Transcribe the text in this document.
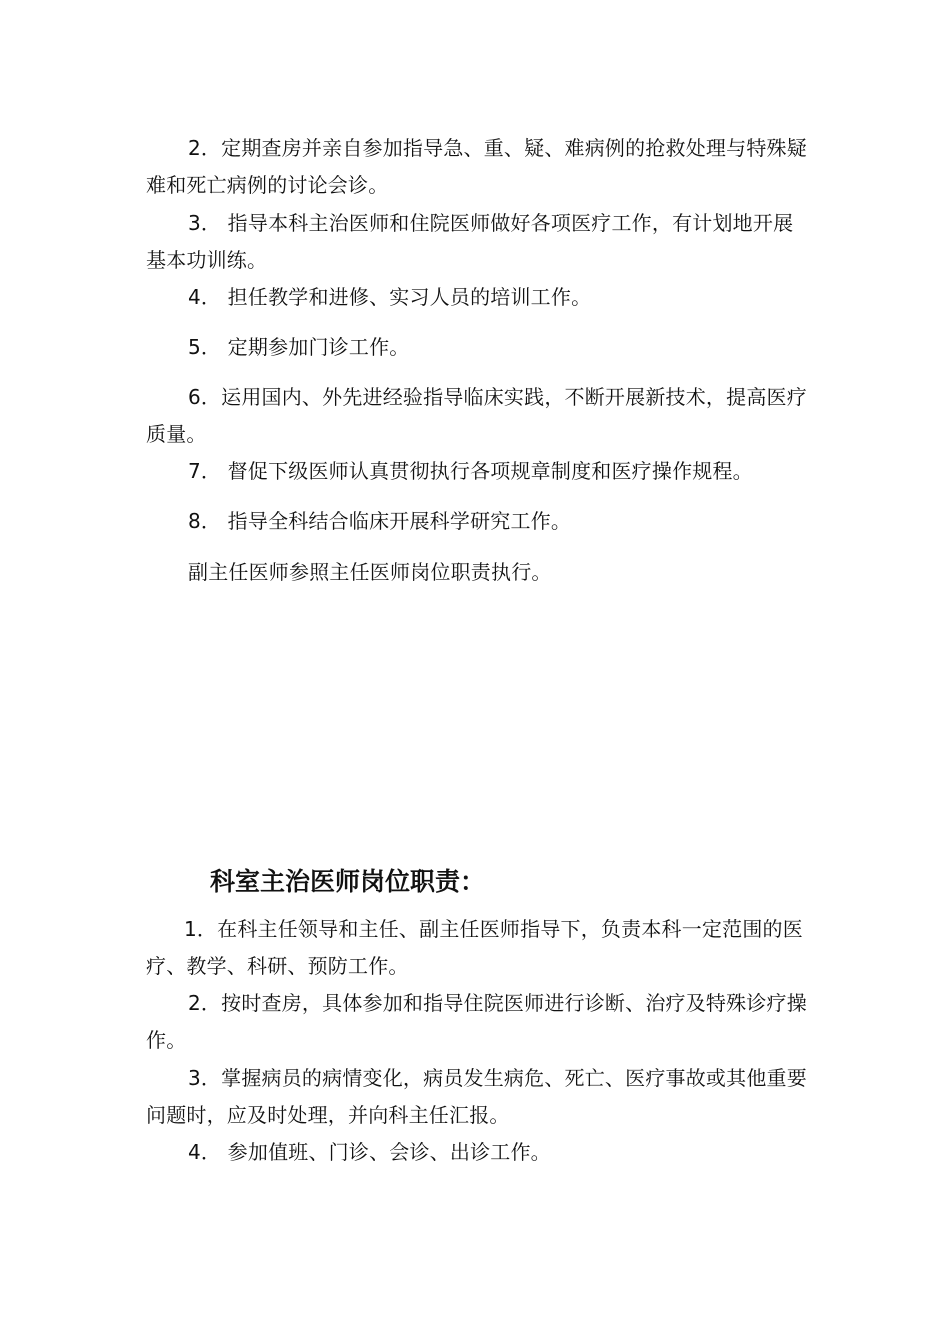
2．定期查房并亲自参加指导急、重、疑、难病例的抢救处理与特殊疑难和死亡病例的讨论会诊。

3． 指导本科主治医师和住院医师做好各项医疗工作，有计划地开展基本功训练。

4． 担任教学和进修、实习人员的培训工作。

5． 定期参加门诊工作。

6．运用国内、外先进经验指导临床实践，不断开展新技术，提高医疗质量。

7． 督促下级医师认真贯彻执行各项规章制度和医疗操作规程。

8． 指导全科结合临床开展科学研究工作。

副主任医师参照主任医师岗位职责执行。

科室主治医师岗位职责：

1．在科主任领导和主任、副主任医师指导下，负责本科一定范围的医疗、教学、科研、预防工作。

2．按时查房，具体参加和指导住院医师进行诊断、治疗及特殊诊疗操作。

3．掌握病员的病情变化，病员发生病危、死亡、医疗事故或其他重要问题时，应及时处理，并向科主任汇报。

4． 参加值班、门诊、会诊、出诊工作。
